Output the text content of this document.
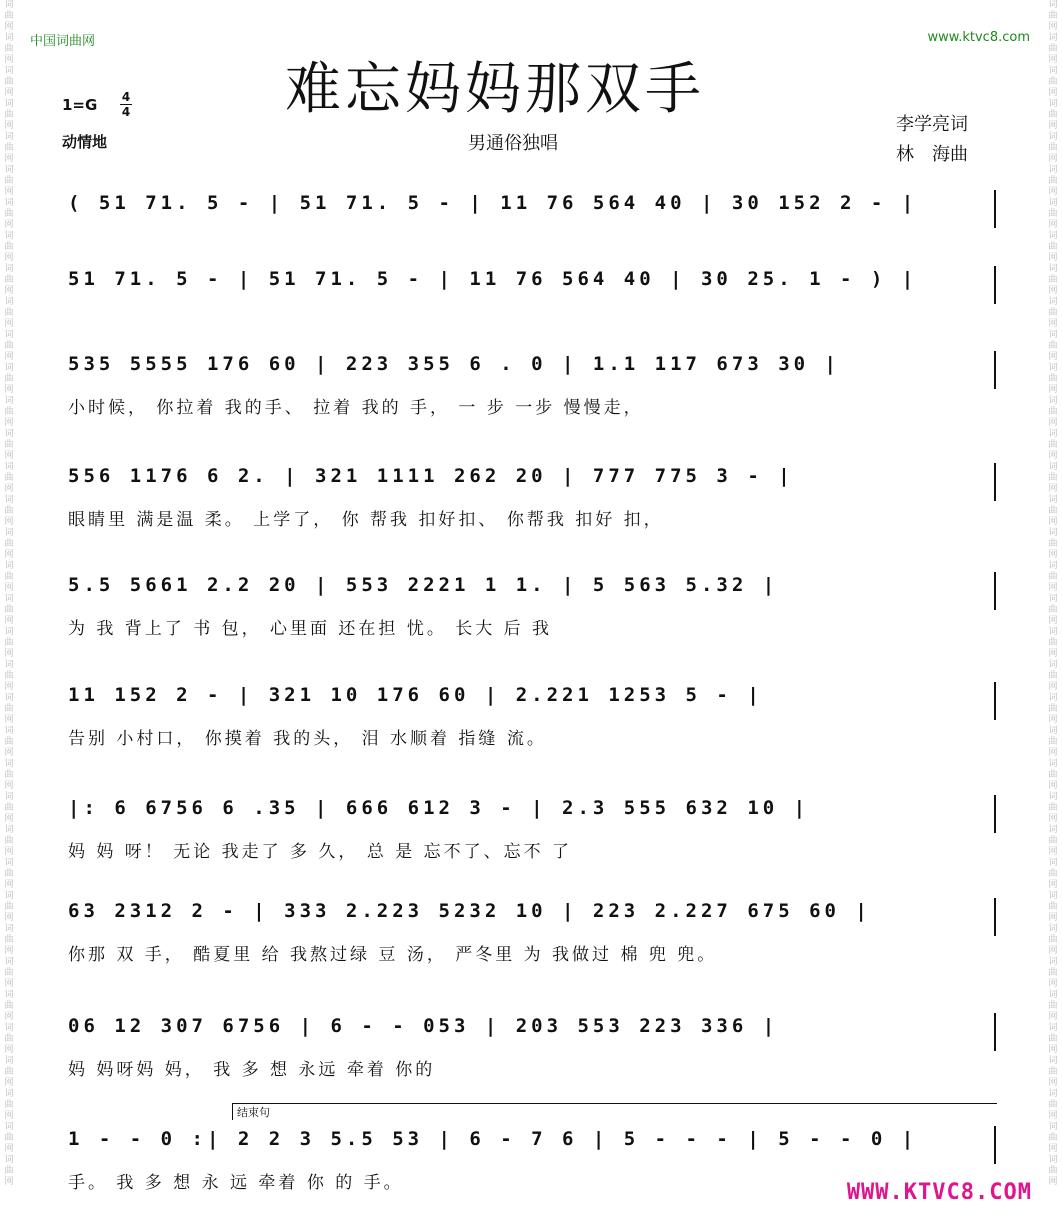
词曲网词曲网词曲网词曲网词曲网词曲网词曲网词曲网词曲网词曲网词曲网词曲网词曲网词曲网词曲网词曲网词曲网词曲网词曲网词曲网词曲网词曲网词曲网词曲网词曲网词曲网词曲网词曲网词曲网词曲网词曲网词曲网词曲网词曲网词曲网词曲网
词曲网词曲网词曲网词曲网词曲网词曲网词曲网词曲网词曲网词曲网词曲网词曲网词曲网词曲网词曲网词曲网词曲网词曲网词曲网词曲网词曲网词曲网词曲网词曲网词曲网词曲网词曲网词曲网词曲网词曲网词曲网词曲网词曲网词曲网词曲网词曲网
中国词曲网	www.ktvc8.com
难忘妈妈那双手
1=G 4
4
动情地	男通俗独唱
李学亮词
林　海曲
( 51 71. 5 - | 51 71. 5 - | 11 76 564 40 | 30 152 2 - |
51 71. 5 - | 51 71. 5 - | 11 76 564 40 | 30 25. 1 - ) |
535 5555 176 60 | 223 355 6 . 0 | 1.1 117 673 30 |
小时候， 你拉着 我的手、 拉着 我的 手， 一 步 一步 慢慢走，
556 1176 6 2. | 321 1111 262 20 | 777 775 3 - |
眼睛里 满是温 柔。 上学了， 你 帮我 扣好扣、 你帮我 扣好 扣，
5.5 5661 2.2 20 | 553 2221 1 1. | 5 563 5.32 |
为 我 背上了 书 包， 心里面 还在担 忧。 长大 后 我
11 152 2 - | 321 10 176 60 | 2.221 1253 5 - |
告别 小村口， 你摸着 我的头， 泪 水顺着 指缝 流。
|: 6 6756 6 .35 | 666 612 3 - | 2.3 555 632 10 |
妈 妈 呀！ 无论 我走了 多 久， 总 是 忘不了、忘不 了
63 2312 2 - | 333 2.223 5232 10 | 223 2.227 675 60 |
你那 双 手， 酷夏里 给 我熬过绿 豆 汤， 严冬里 为 我做过 棉 兜 兜。
06 12 307 6756 | 6 - - 053 | 203 553 223 336 |
妈 妈呀妈 妈， 我 多 想 永远 牵着 你的
结束句
1 - - 0 :| 2 2 3 5.5 53 | 6 - 7 6 | 5 - - - | 5 - - 0 |
手。 我 多 想 永 远 牵着 你 的 手。	WWW.KTVC8.COM
